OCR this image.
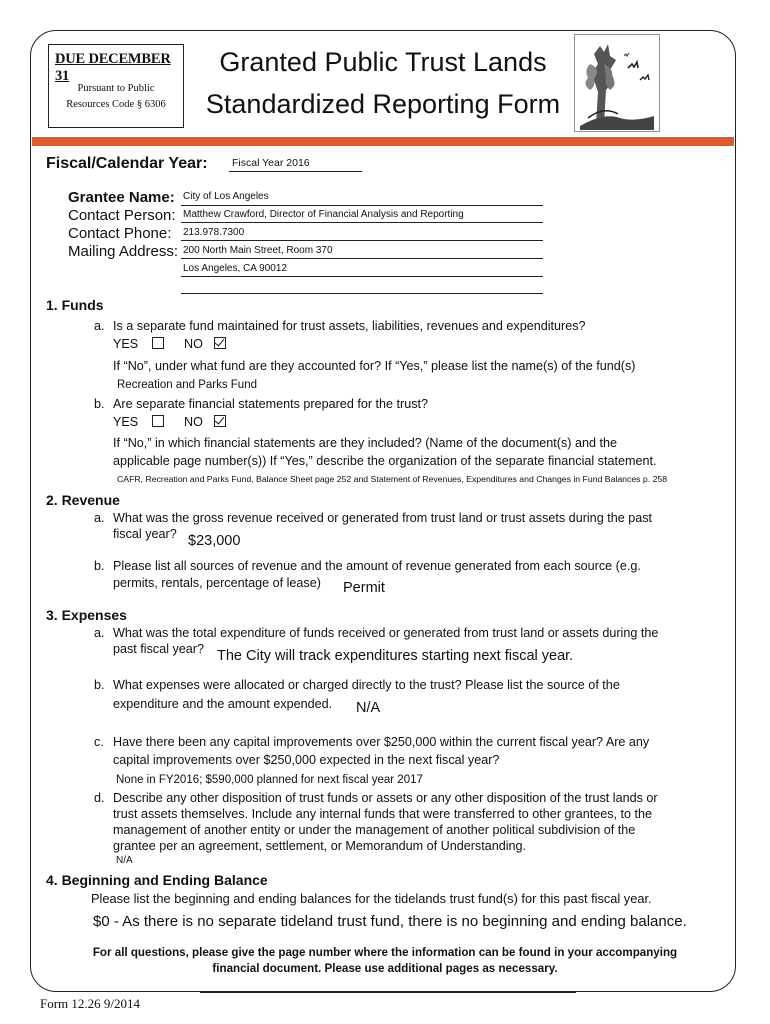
DUE DECEMBER 31
Pursuant to Public
Resources Code § 6306
Granted Public Trust Lands
Standardized Reporting Form
Fiscal/Calendar Year: Fiscal Year 2016
Grantee Name: City of Los Angeles
Contact Person: Matthew Crawford, Director of Financial Analysis and Reporting
Contact Phone: 213.978.7300
Mailing Address: 200 North Main Street, Room 370
Los Angeles, CA 90012
1. Funds
a. Is a separate fund maintained for trust assets, liabilities, revenues and expenditures?
YES	NO
If “No”, under what fund are they accounted for? If “Yes,” please list the name(s) of the fund(s)
Recreation and Parks Fund
b. Are separate financial statements prepared for the trust?
YES	NO
If “No,” in which financial statements are they included? (Name of the document(s) and the
applicable page number(s)) If “Yes,” describe the organization of the separate financial statement.
CAFR, Recreation and Parks Fund, Balance Sheet page 252 and Statement of Revenues, Expenditures and Changes in Fund Balances p. 258
2. Revenue
a. What was the gross revenue received or generated from trust land or trust assets during the past
fiscal year? $23,000
b. Please list all sources of revenue and the amount of revenue generated from each source (e.g.
permits, rentals, percentage of lease) Permit
3. Expenses
a. What was the total expenditure of funds received or generated from trust land or assets during the
past fiscal year? The City will track expenditures starting next fiscal year.
b. What expenses were allocated or charged directly to the trust? Please list the source of the
expenditure and the amount expended. N/A
c. Have there been any capital improvements over $250,000 within the current fiscal year? Are any
capital improvements over $250,000 expected in the next fiscal year?
None in FY2016; $590,000 planned for next fiscal year 2017
d. Describe any other disposition of trust funds or assets or any other disposition of the trust lands or
trust assets themselves. Include any internal funds that were transferred to other grantees, to the
management of another entity or under the management of another political subdivision of the
grantee per an agreement, settlement, or Memorandum of Understanding.
N/A
4. Beginning and Ending Balance
Please list the beginning and ending balances for the tidelands trust fund(s) for this past fiscal year.
$0 - As there is no separate tideland trust fund, there is no beginning and ending balance.
For all questions, please give the page number where the information can be found in your accompanying
financial document. Please use additional pages as necessary.
Form 12.26 9/2014
